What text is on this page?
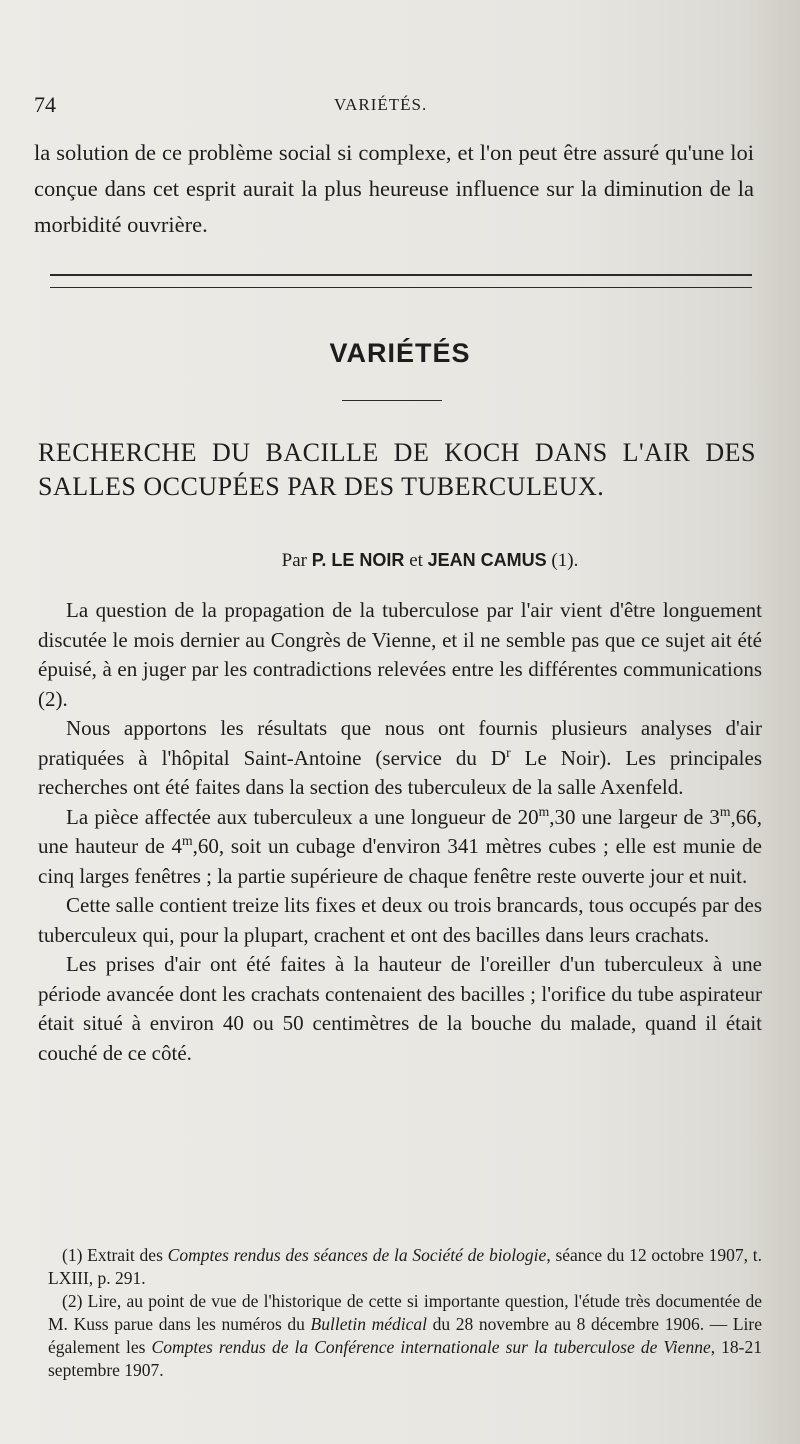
74	VARIÉTÉS.
la solution de ce problème social si complexe, et l'on peut être assuré qu'une loi conçue dans cet esprit aurait la plus heureuse influence sur la diminution de la morbidité ouvrière.
VARIÉTÉS
RECHERCHE DU BACILLE DE KOCH DANS L'AIR DES SALLES OCCUPÉES PAR DES TUBERCULEUX.
Par P. LE NOIR et JEAN CAMUS (1).

La question de la propagation de la tuberculose par l'air vient d'être longuement discutée le mois dernier au Congrès de Vienne, et il ne semble pas que ce sujet ait été épuisé, à en juger par les contradictions relevées entre les différentes communications (2).

Nous apportons les résultats que nous ont fournis plusieurs analyses d'air pratiquées à l'hôpital Saint-Antoine (service du $D^r$ Le Noir). Les principales recherches ont été faites dans la section des tuberculeux de la salle Axenfeld.

La pièce affectée aux tuberculeux a une longueur de 20$^m$,30 une largeur de 3$^m$,66, une hauteur de 4$^m$,60, soit un cubage d'environ 341 mètres cubes ; elle est munie de cinq larges fenêtres ; la partie supérieure de chaque fenêtre reste ouverte jour et nuit.

Cette salle contient treize lits fixes et deux ou trois brancards, tous occupés par des tuberculeux qui, pour la plupart, crachent et ont des bacilles dans leurs crachats.

Les prises d'air ont été faites à la hauteur de l'oreiller d'un tuberculeux à une période avancée dont les crachats contenaient des bacilles ; l'orifice du tube aspirateur était situé à environ 40 ou 50 centimètres de la bouche du malade, quand il était couché de ce côté.

(1) Extrait des Comptes rendus des séances de la Société de biologie, séance du 12 octobre 1907, t. LXIII, p. 291.

(2) Lire, au point de vue de l'historique de cette si importante question, l'étude très documentée de M. Kuss parue dans les numéros du Bulletin médical du 28 novembre au 8 décembre 1906. — Lire également les Comptes rendus de la Conférence internationale sur la tuberculose de Vienne, 18-21 septembre 1907.
